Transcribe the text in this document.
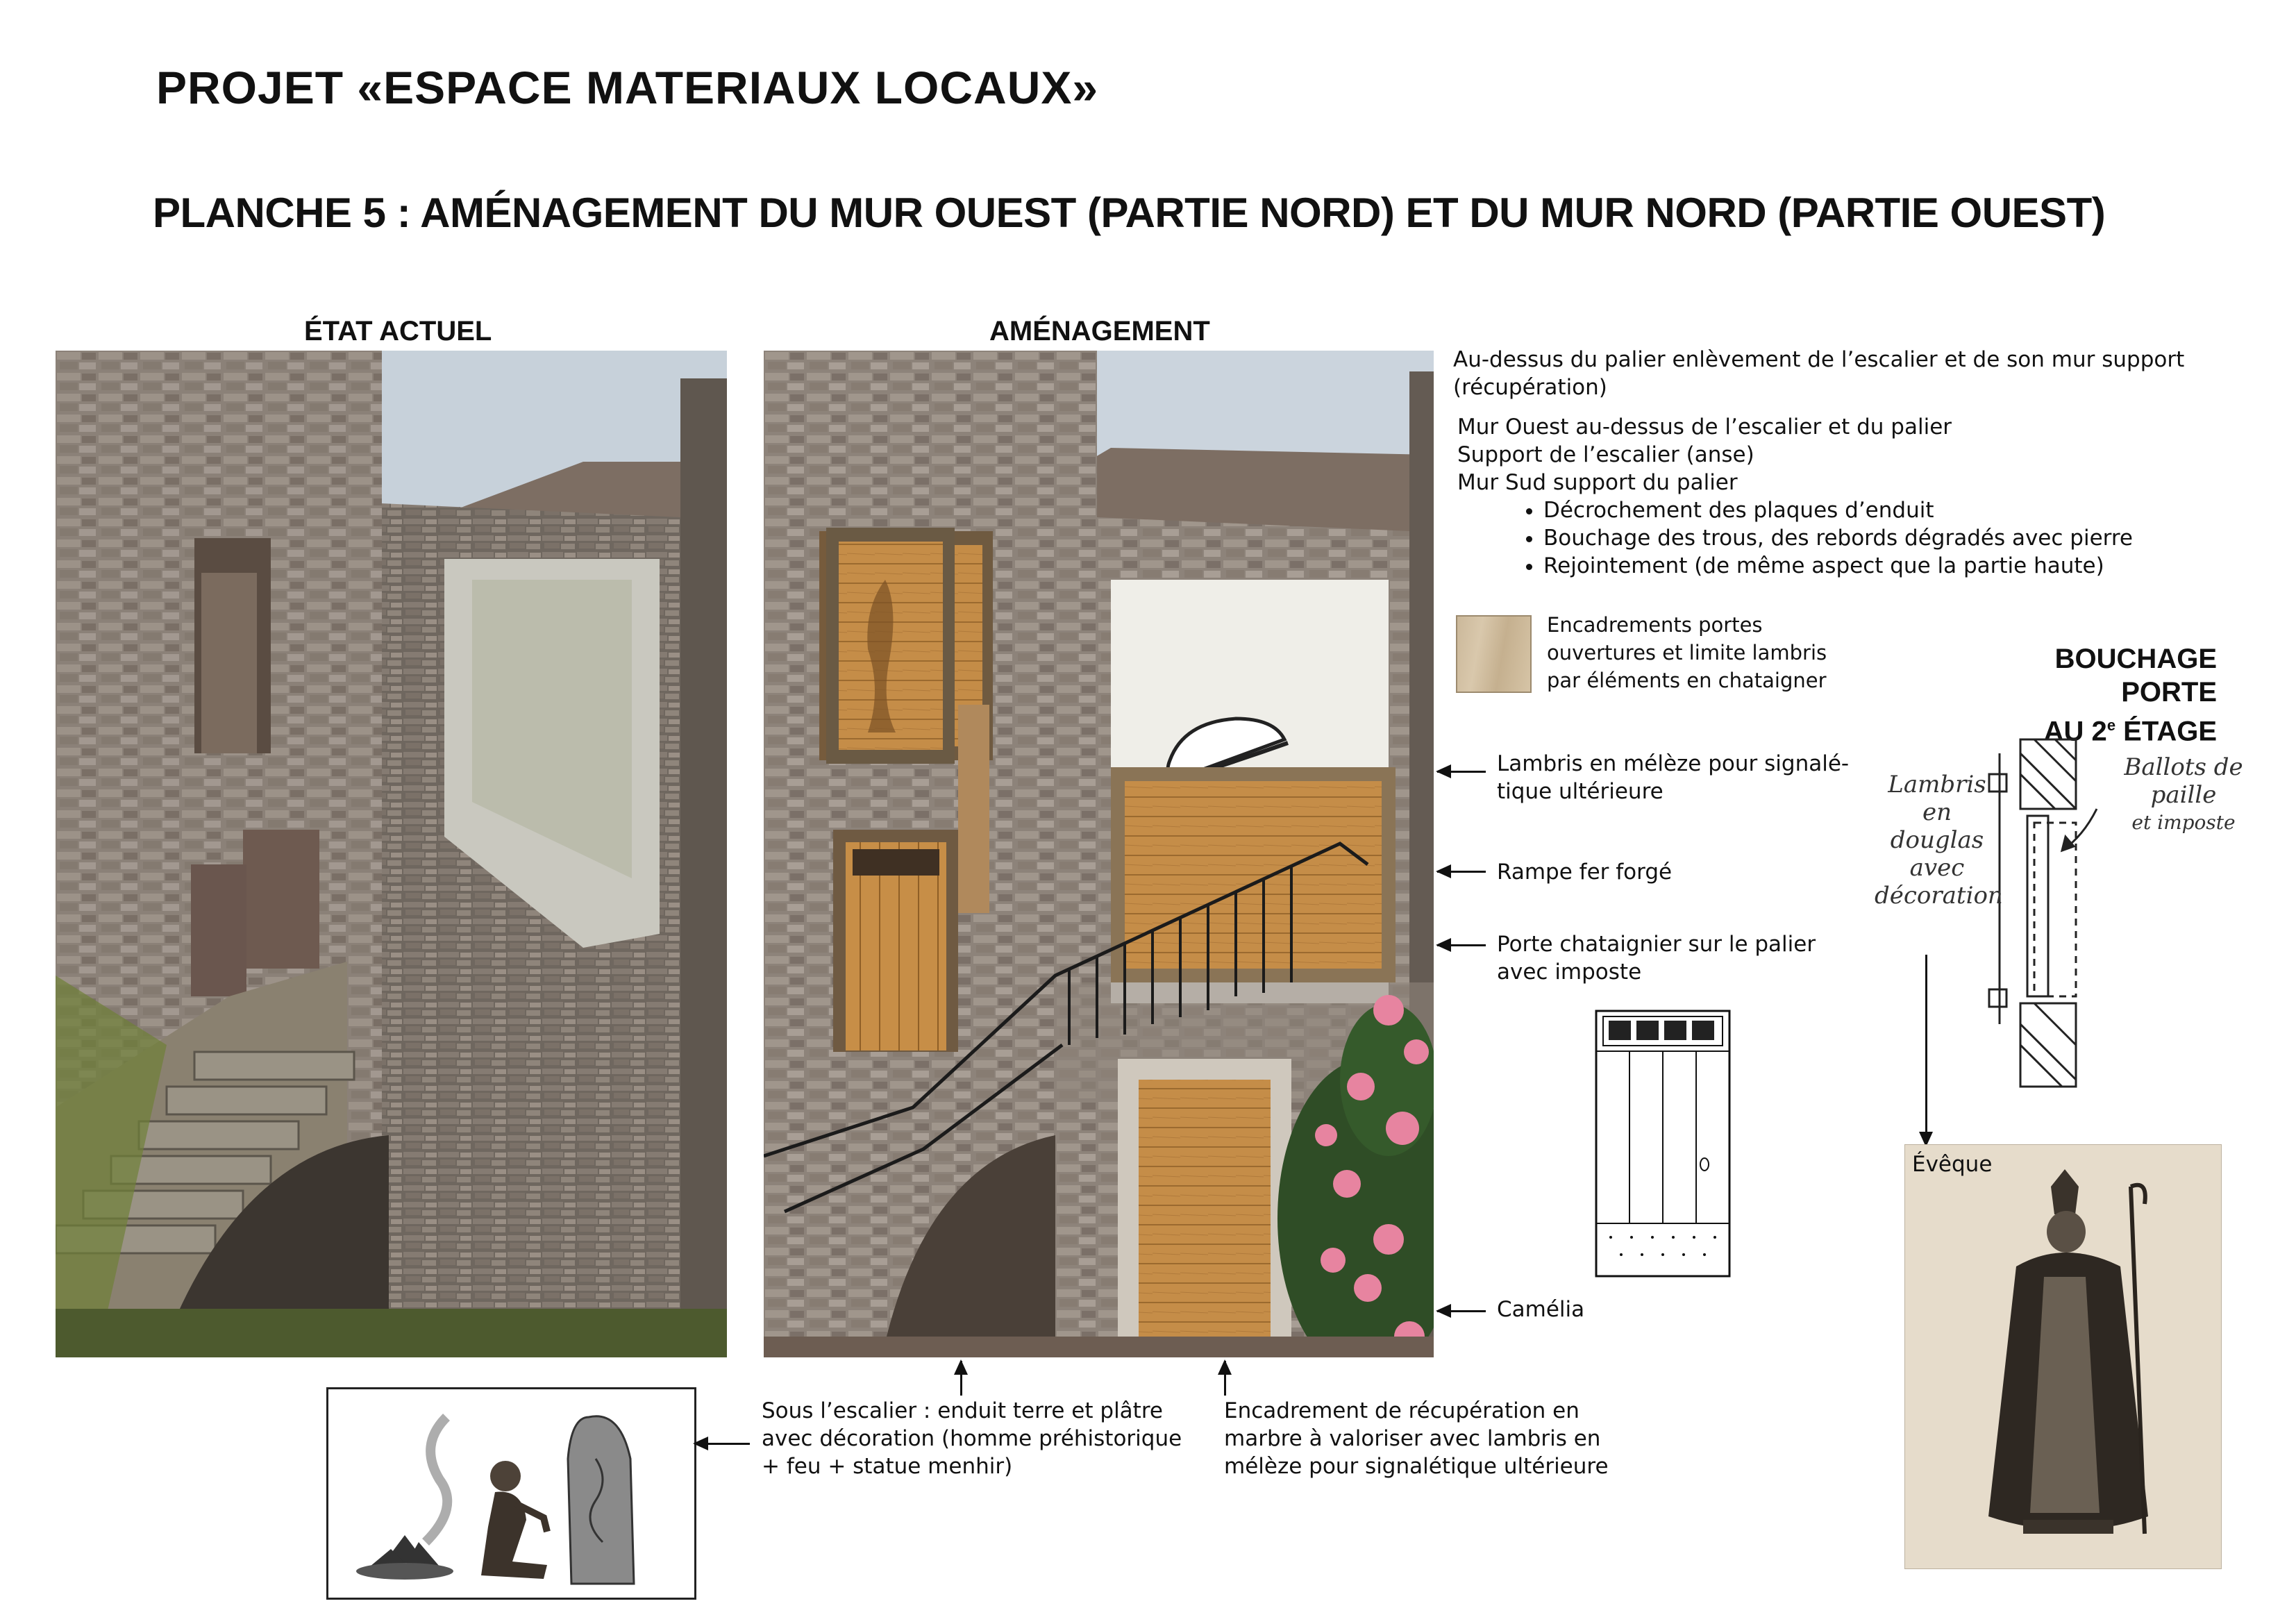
PROJET «ESPACE MATERIAUX LOCAUX»
PLANCHE 5 : AMÉNAGEMENT DU MUR OUEST (PARTIE NORD) ET DU MUR NORD (PARTIE OUEST)
ÉTAT ACTUEL	AMÉNAGEMENT
Au-dessus du palier enlèvement de l’escalier et de son mur support
(récupération)
Mur Ouest au-dessus de l’escalier et du palier
Support de l’escalier (anse)
Mur Sud support du palier
• Décrochement des plaques d’enduit
• Bouchage des trous, des rebords dégradés avec pierre
• Rejointement (de même aspect que la partie haute)
Encadrements portes
ouvertures et limite lambris
par éléments en chataigner
Lambris en mélèze pour signalé-
tique ultérieure
Rampe fer forgé
Porte chataignier sur le palier
avec imposte
Camélia
BOUCHAGE PORTE
AU 2e ÉTAGE
Lambris
en
douglas
avec
décoration
Ballots de
paille
et imposte
Évêque
Sous l’escalier : enduit terre et plâtre
avec décoration (homme préhistorique
+ feu + statue menhir)
Encadrement de récupération en
marbre à valoriser avec lambris en
mélèze pour signalétique ultérieure
